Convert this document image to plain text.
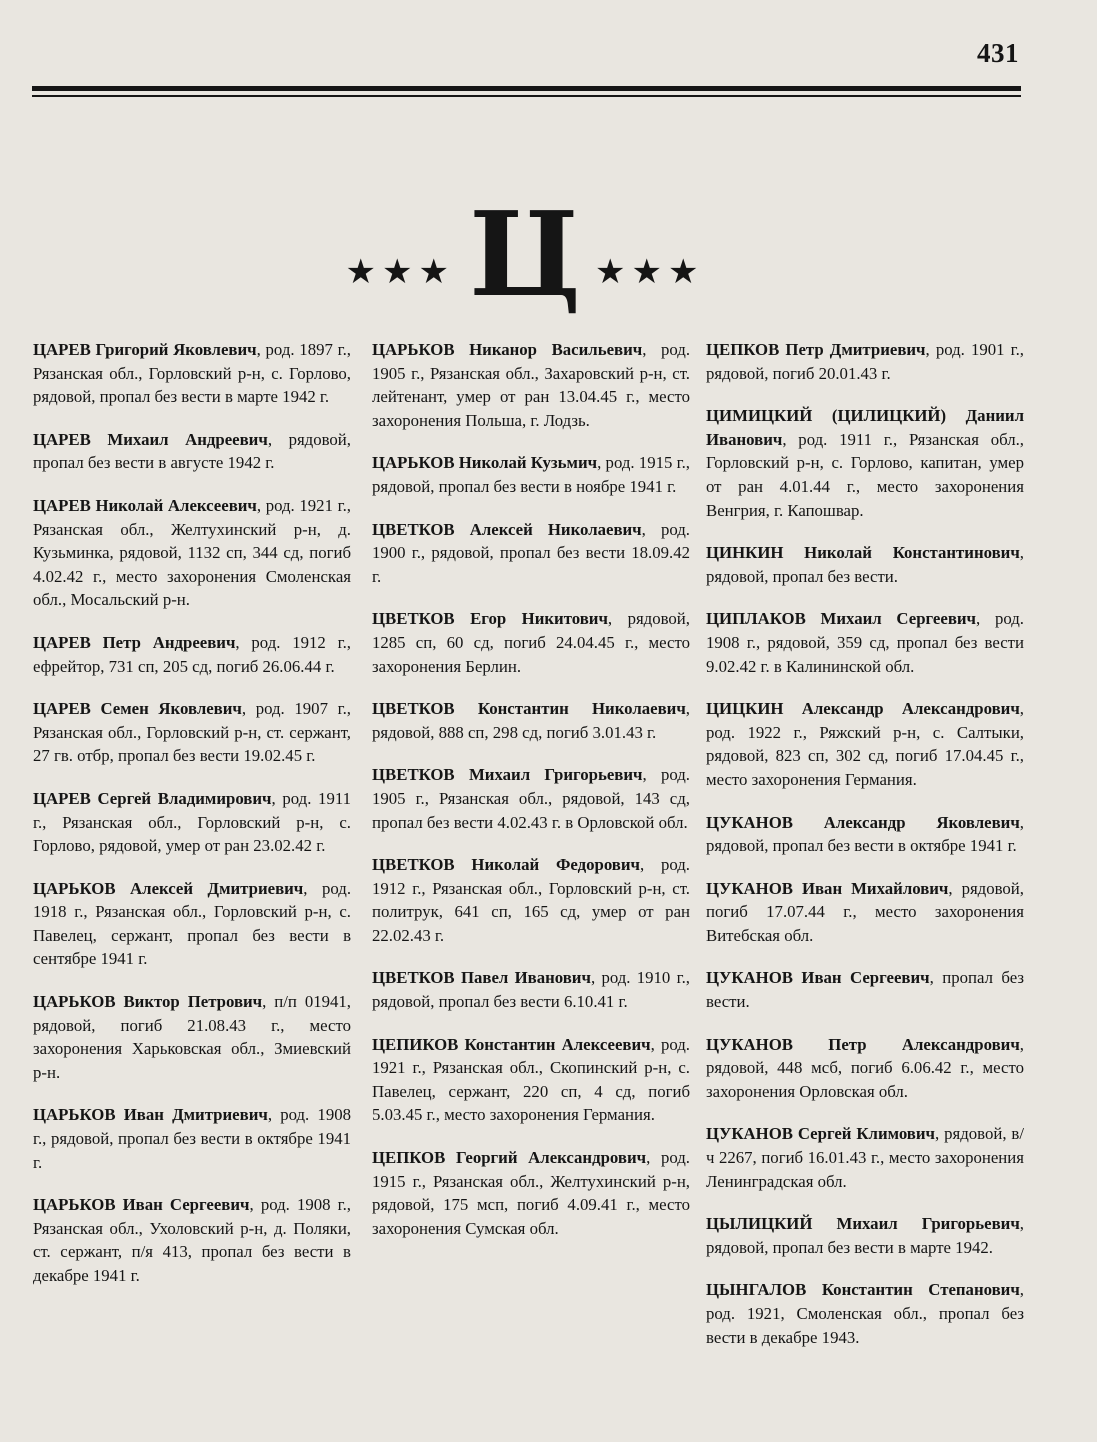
431
★★★ Ц ★★★

ЦАРЕВ Григорий Яковлевич, род. 1897 г., Рязанская обл., Горловский р-н, с. Горлово, рядовой, пропал без вести в марте 1942 г.

ЦАРЕВ Михаил Андреевич, рядовой, пропал без вести в августе 1942 г.

ЦАРЕВ Николай Алексеевич, род. 1921 г., Рязанская обл., Желтухинский р-н, д. Кузьминка, рядовой, 1132 сп, 344 сд, погиб 4.02.42 г., место захоронения Смоленская обл., Мосальский р-н.

ЦАРЕВ Петр Андреевич, род. 1912 г., ефрейтор, 731 сп, 205 сд, погиб 26.06.44 г.

ЦАРЕВ Семен Яковлевич, род. 1907 г., Рязанская обл., Горловский р-н, ст. сержант, 27 гв. отбр, пропал без вести 19.02.45 г.

ЦАРЕВ Сергей Владимирович, род. 1911 г., Рязанская обл., Горловский р-н, с. Горлово, рядовой, умер от ран 23.02.42 г.

ЦАРЬКОВ Алексей Дмитриевич, род. 1918 г., Рязанская обл., Горловский р-н, с. Павелец, сержант, пропал без вести в сентябре 1941 г.

ЦАРЬКОВ Виктор Петрович, п/п 01941, рядовой, погиб 21.08.43 г., место захоронения Харьковская обл., Змиевский р-н.

ЦАРЬКОВ Иван Дмитриевич, род. 1908 г., рядовой, пропал без вести в октябре 1941 г.

ЦАРЬКОВ Иван Сергеевич, род. 1908 г., Рязанская обл., Ухоловский р-н, д. Поляки, ст. сержант, п/я 413, пропал без вести в декабре 1941 г.

ЦАРЬКОВ Никанор Васильевич, род. 1905 г., Рязанская обл., Захаровский р-н, ст. лейтенант, умер от ран 13.04.45 г., место захоронения Польша, г. Лодзь.

ЦАРЬКОВ Николай Кузьмич, род. 1915 г., рядовой, пропал без вести в ноябре 1941 г.

ЦВЕТКОВ Алексей Николаевич, род. 1900 г., рядовой, пропал без вести 18.09.42 г.

ЦВЕТКОВ Егор Никитович, рядовой, 1285 сп, 60 сд, погиб 24.04.45 г., место захоронения Берлин.

ЦВЕТКОВ Константин Николаевич, рядовой, 888 сп, 298 сд, погиб 3.01.43 г.

ЦВЕТКОВ Михаил Григорьевич, род. 1905 г., Рязанская обл., рядовой, 143 сд, пропал без вести 4.02.43 г. в Орловской обл.

ЦВЕТКОВ Николай Федорович, род. 1912 г., Рязанская обл., Горловский р-н, ст. политрук, 641 сп, 165 сд, умер от ран 22.02.43 г.

ЦВЕТКОВ Павел Иванович, род. 1910 г., рядовой, пропал без вести 6.10.41 г.

ЦЕПИКОВ Константин Алексеевич, род. 1921 г., Рязанская обл., Скопинский р-н, с. Павелец, сержант, 220 сп, 4 сд, погиб 5.03.45 г., место захоронения Германия.

ЦЕПКОВ Георгий Александрович, род. 1915 г., Рязанская обл., Желтухинский р-н, рядовой, 175 мсп, погиб 4.09.41 г., место захоронения Сумская обл.

ЦЕПКОВ Петр Дмитриевич, род. 1901 г., рядовой, погиб 20.01.43 г.

ЦИМИЦКИЙ (ЦИЛИЦКИЙ) Даниил Иванович, род. 1911 г., Рязанская обл., Горловский р-н, с. Горлово, капитан, умер от ран 4.01.44 г., место захоронения Венгрия, г. Капошвар.

ЦИНКИН Николай Константинович, рядовой, пропал без вести.

ЦИПЛАКОВ Михаил Сергеевич, род. 1908 г., рядовой, 359 сд, пропал без вести 9.02.42 г. в Калининской обл.

ЦИЦКИН Александр Александрович, род. 1922 г., Ряжский р-н, с. Салтыки, рядовой, 823 сп, 302 сд, погиб 17.04.45 г., место захоронения Германия.

ЦУКАНОВ Александр Яковлевич, рядовой, пропал без вести в октябре 1941 г.

ЦУКАНОВ Иван Михайлович, рядовой, погиб 17.07.44 г., место захоронения Витебская обл.

ЦУКАНОВ Иван Сергеевич, пропал без вести.

ЦУКАНОВ Петр Александрович, рядовой, 448 мсб, погиб 6.06.42 г., место захоронения Орловская обл.

ЦУКАНОВ Сергей Климович, рядовой, в/ч 2267, погиб 16.01.43 г., место захоронения Ленинградская обл.

ЦЫЛИЦКИЙ Михаил Григорьевич, рядовой, пропал без вести в марте 1942.

ЦЫНГАЛОВ Константин Степанович, род. 1921, Смоленская обл., пропал без вести в декабре 1943.
